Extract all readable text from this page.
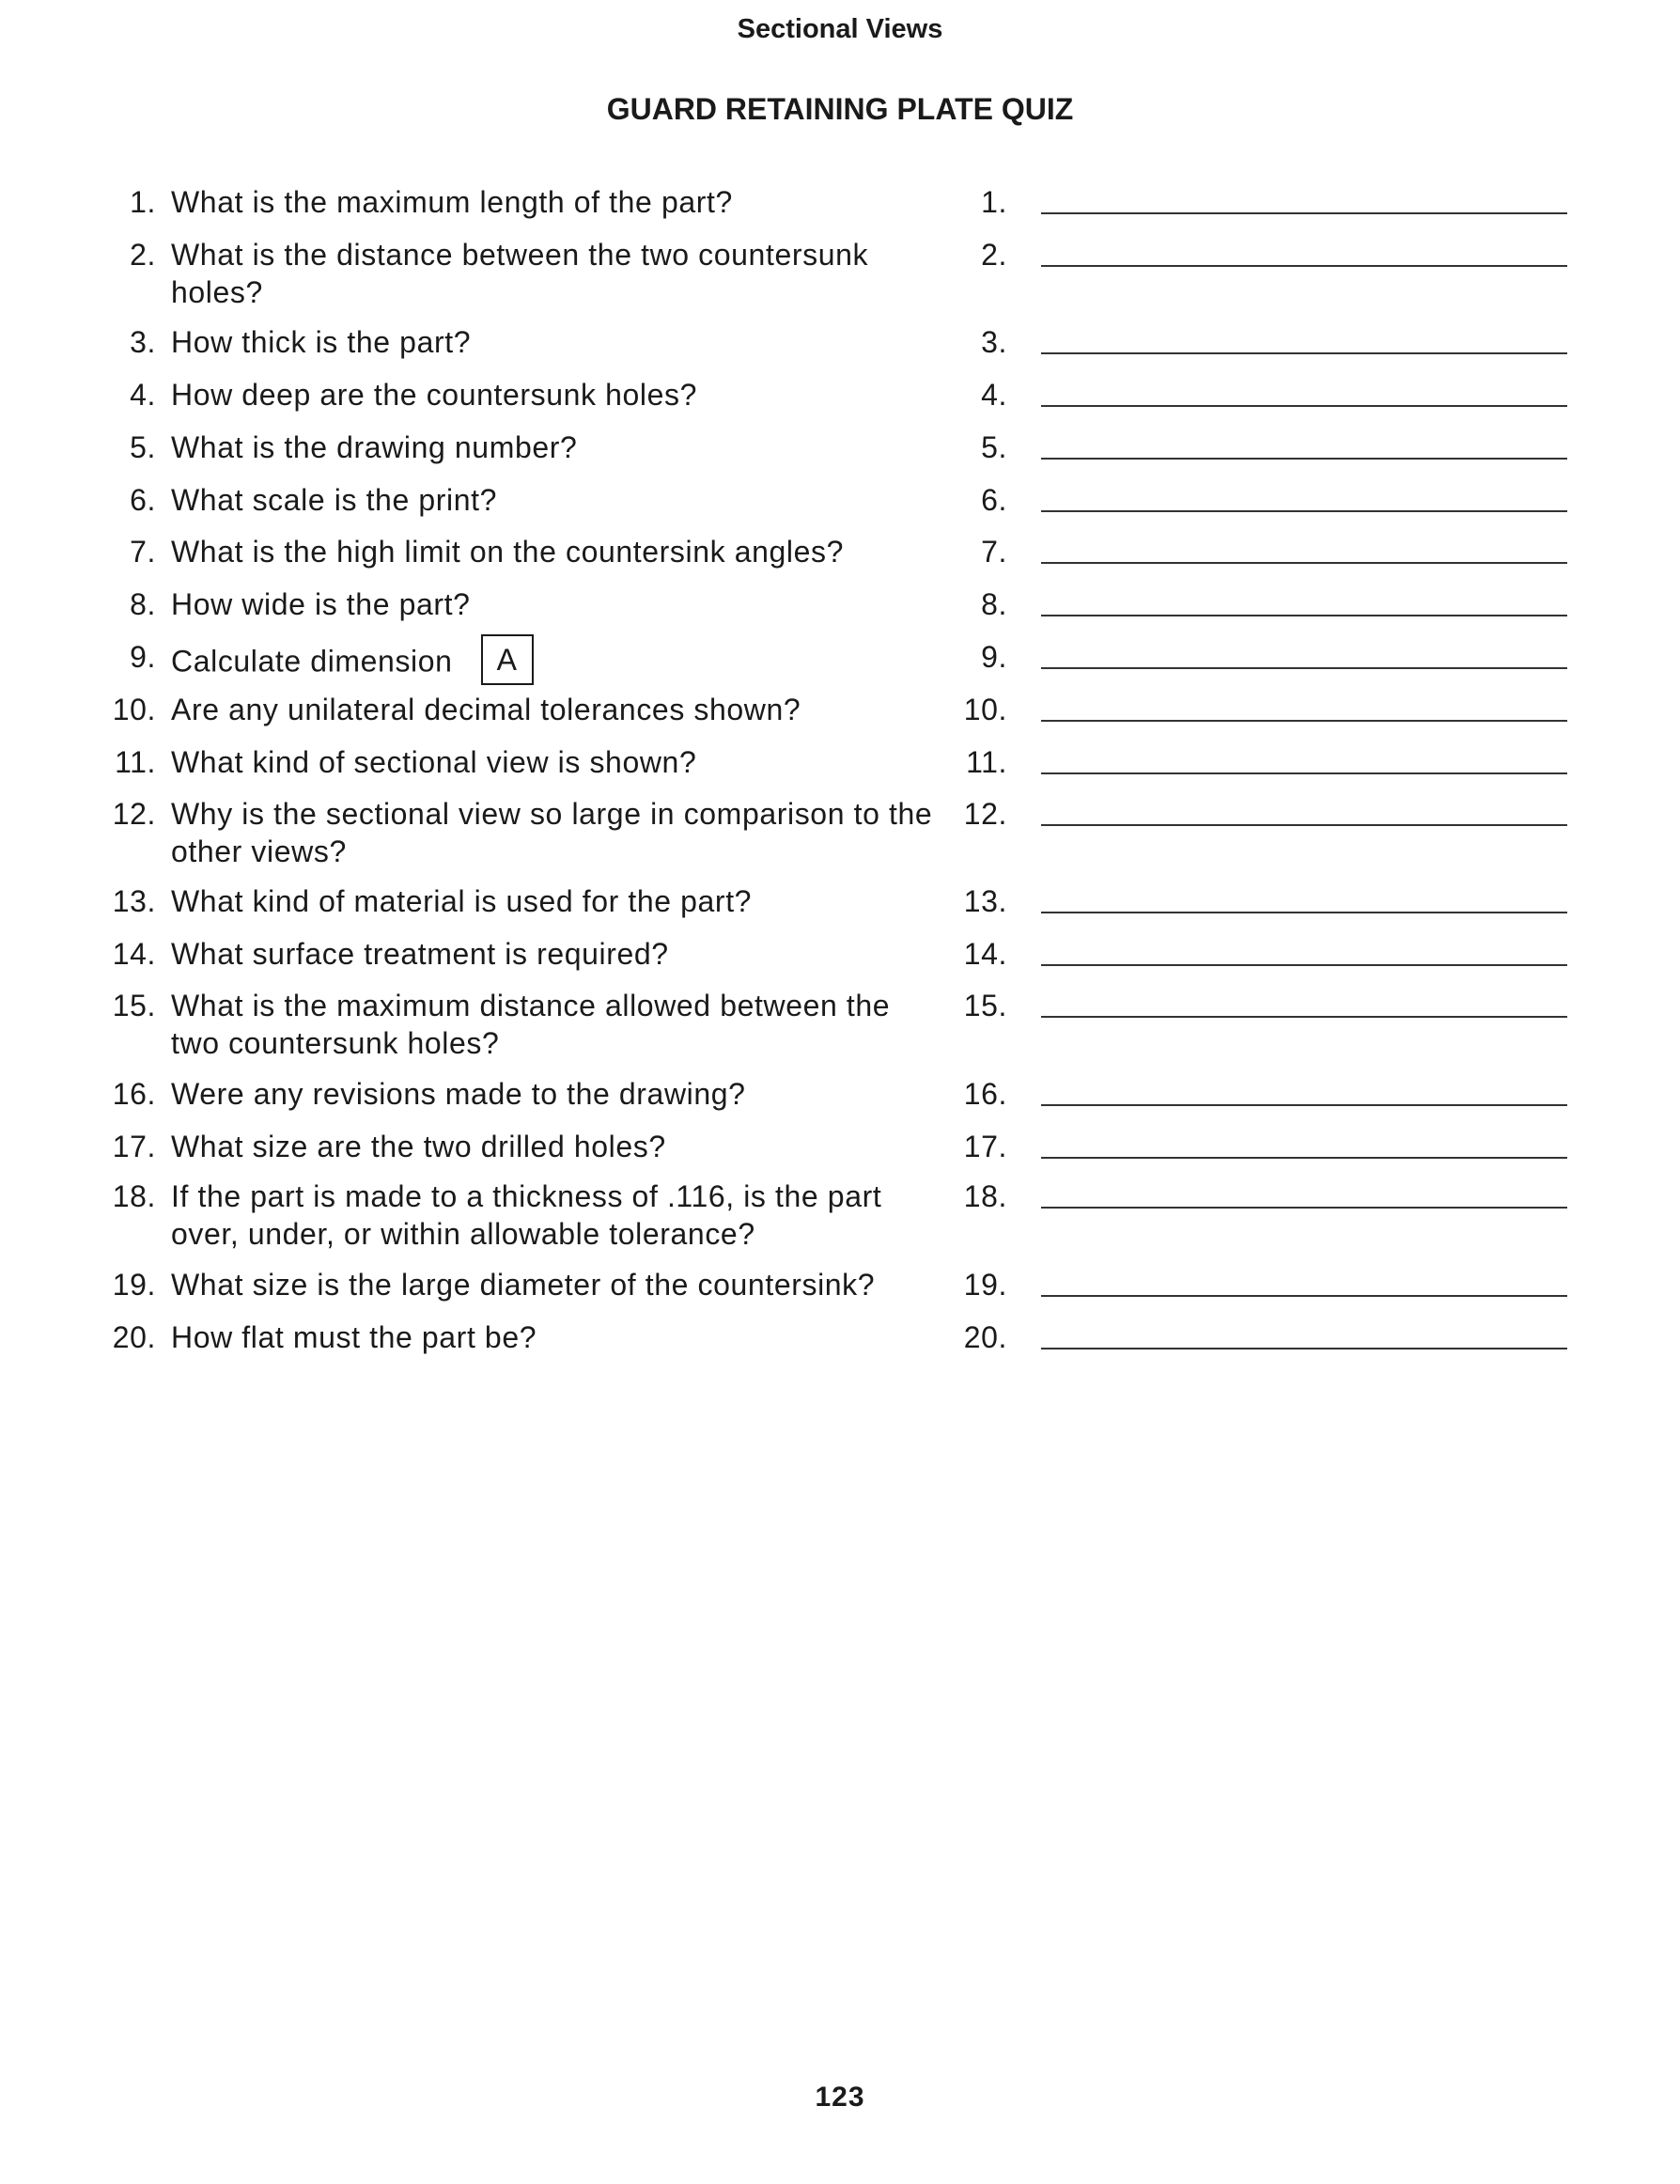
Sectional Views
GUARD RETAINING PLATE QUIZ
1. What is the maximum length of the part?	1.
2. What is the distance between the two countersunk holes?
2.
3. How thick is the part?	3.
4. How deep are the countersunk holes?	4.
5. What is the drawing number?	5.
6. What scale is the print?	6.
7. What is the high limit on the countersink angles?	7.
8. How wide is the part?	8.
9. Calculate dimension A	9.
10. Are any unilateral decimal tolerances shown?	10.
11. What kind of sectional view is shown?	11.
12. Why is the sectional view so large in comparison to the other views?
12.
13. What kind of material is used for the part?	13.
14. What surface treatment is required?	14.
15. What is the maximum distance allowed between the two countersunk holes?
15.
16. Were any revisions made to the drawing?	16.
17. What size are the two drilled holes?	17.
18. If the part is made to a thickness of .116, is the part over, under, or within allowable tolerance?
18.
19. What size is the large diameter of the countersink?	19.
20. How flat must the part be?	20.
123
